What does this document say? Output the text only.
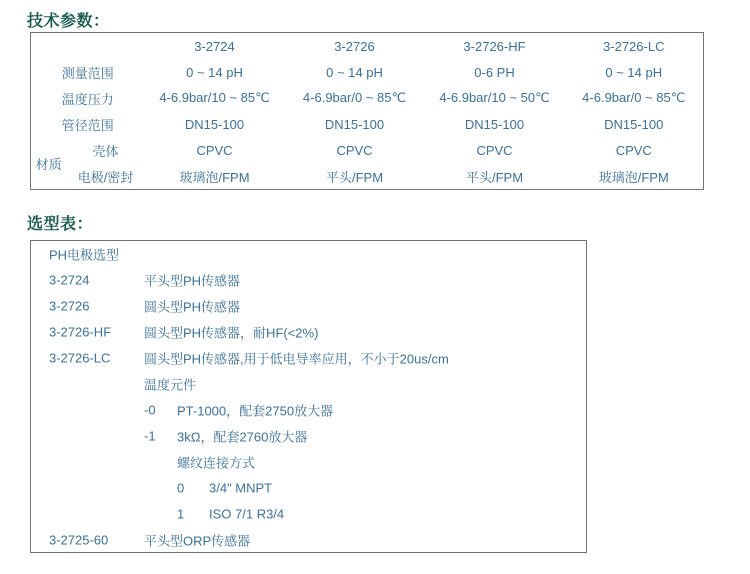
技术参数：
		3-2724	3-2726	3-2726-HF	3-2726-LC
测量范围		0 ~ 14 pH	0 ~ 14 pH	0-6 PH	0 ~ 14 pH
温度压力		4-6.9bar/10 ~ 85℃	4-6.9bar/0 ~ 85℃	4-6.9bar/10 ~ 50℃	4-6.9bar/0 ~ 85℃
管径范围		DN15-100	DN15-100	DN15-100	DN15-100
材质	壳体	CPVC	CPVC	CPVC	CPVC
	电极/密封	玻璃泡/FPM	平头/FPM	平头/FPM	玻璃泡/FPM
选型表：
PH电极选型
3-2724	平头型PH传感器
3-2726	圆头型PH传感器
3-2726-HF	圆头型PH传感器，耐HF(<2%)
3-2726-LC	圆头型PH传感器,用于低电导率应用，不小于20us/cm
温度元件
-0 PT-1000，配套2750放大器
-1 3kΩ，配套2760放大器
螺纹连接方式
0 3/4" MNPT
1 ISO 7/1 R3/4
3-2725-60	平头型ORP传感器
